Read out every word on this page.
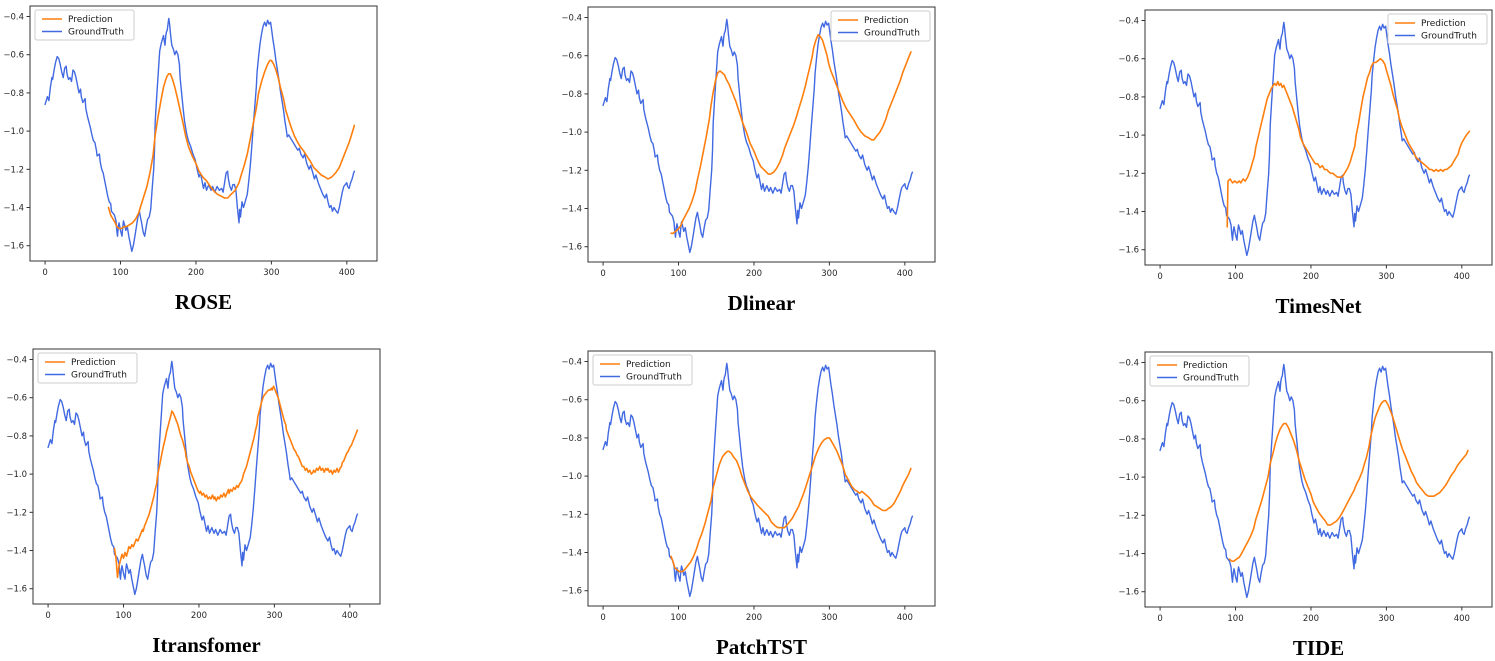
−0.4
−0.6
−0.8
−1.0
−1.2
−1.4
−1.6
0	100	200	300	400
Prediction
GroundTruth
ROSE
−0.4
−0.6
−0.8
−1.0
−1.2
−1.4
−1.6
0	100	200	300	400
Prediction
GroundTruth
Dlinear
−0.4
−0.6
−0.8
−1.0
−1.2
−1.4
−1.6
0	100	200	300	400
Prediction
GroundTruth
TimesNet
−0.4
−0.6
−0.8
−1.0
−1.2
−1.4
−1.6
0	100	200	300	400
Prediction
GroundTruth
Itransfomer
−0.4
−0.6
−0.8
−1.0
−1.2
−1.4
−1.6
0	100	200	300	400
Prediction
GroundTruth
PatchTST
−0.4
−0.6
−0.8
−1.0
−1.2
−1.4
−1.6
0	100	200	300	400
Prediction
GroundTruth
TIDE
